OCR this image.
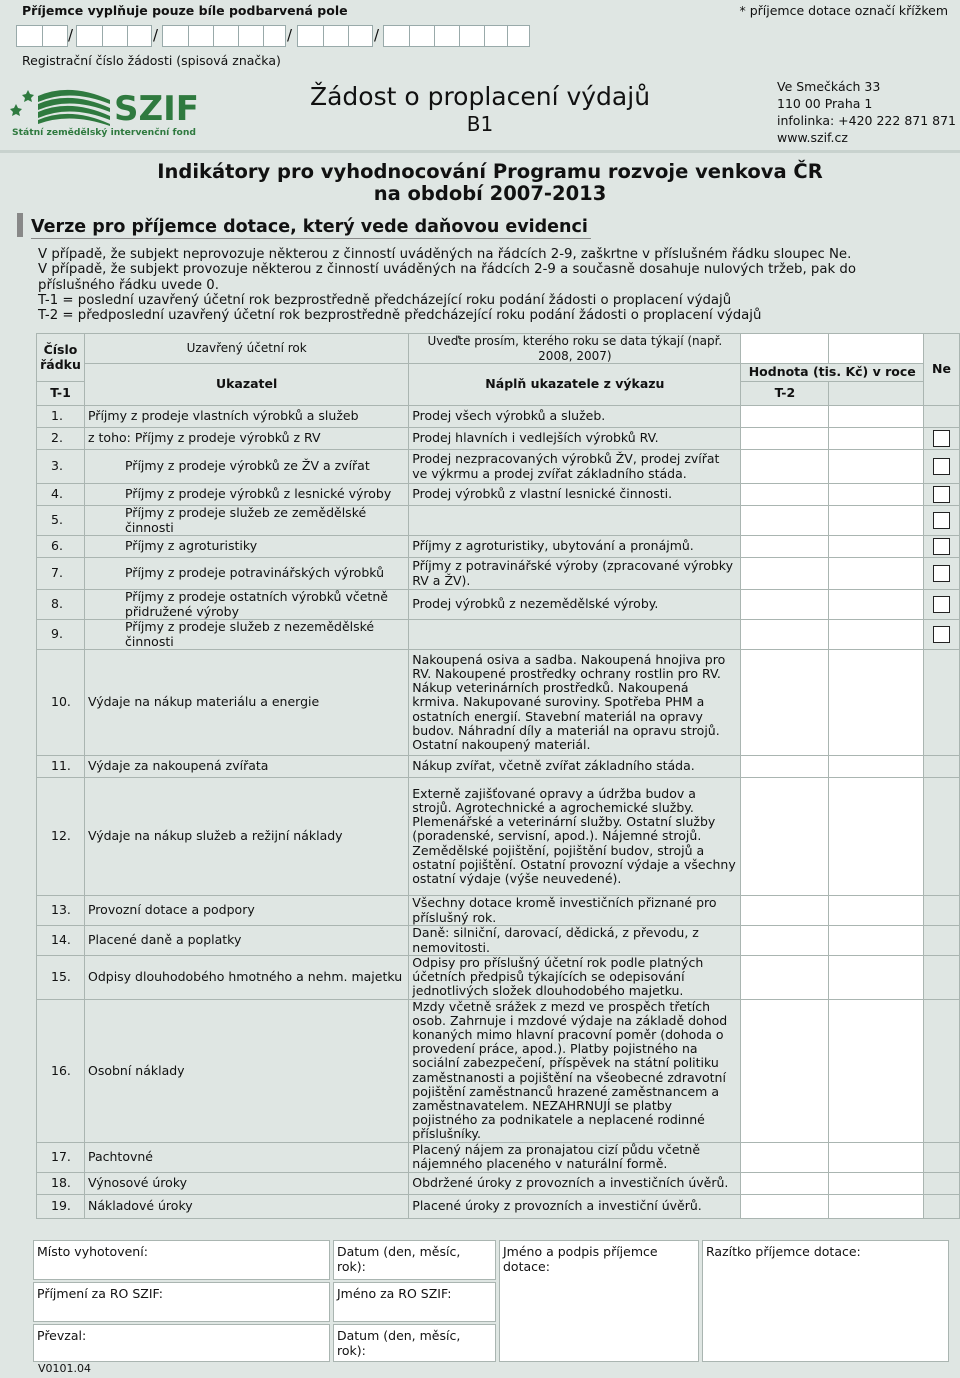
Příjemce vyplňuje pouze bíle podbarvená pole	* příjemce dotace označí křížkem
/	/	/	/
Registrační číslo žádosti (spisová značka)
SZIF
Státní zemědělský intervenční fond
Žádost o proplacení výdajů
B1
Ve Smečkách 33
110 00 Praha 1
infolinka: +420 222 871 871
www.szif.cz
Indikátory pro vyhodnocování Programu rozvoje venkova ČR
na období 2007-2013
Verze pro příjemce dotace, který vede daňovou evidenci

V případě, že subjekt neprovozuje některou z činností uváděných na řádcích 2-9, zaškrtne v příslušném řádku sloupec Ne.

V případě, že subjekt provozuje některou z činností uváděných na řádcích 2-9 a současně dosahuje nulových tržeb, pak do příslušného řádku uvede 0.

T-1 = poslední uzavřený účetní rok bezprostředně předcházející roku podání žádosti o proplacení výdajů

T-2 = předposlední uzavřený účetní rok bezprostředně předcházející roku podání žádosti o proplacení výdajů

Číslo řádku	Uzavřený účetní rok	Uveďte prosím, kterého roku se data týkají (např. 2008, 2007)			Ne
	Ukazatel	Náplň ukazatele z výkazu	Hodnota (tis. Kč) v roce		
T-1			T-2		
1.	Příjmy z prodeje vlastních výrobků a služeb	Prodej všech výrobků a služeb.			
2.	z toho: Příjmy z prodeje výrobků z RV	Prodej hlavních i vedlejších výrobků RV.			
3.	Příjmy z prodeje výrobků ze ŽV a zvířat	Prodej nezpracovaných výrobků ŽV, prodej zvířat ve výkrmu a prodej zvířat základního stáda.			
4.	Příjmy z prodeje výrobků z lesnické výroby	Prodej výrobků z vlastní lesnické činnosti.			
5.	Příjmy z prodeje služeb ze zemědělské činnosti				
6.	Příjmy z agroturistiky	Příjmy z agroturistiky, ubytování a pronájmů.			
7.	Příjmy z prodeje potravinářských výrobků	Příjmy z potravinářské výroby (zpracované výrobky RV a ŽV).			
8.	Příjmy z prodeje ostatních výrobků včetně přidružené výroby	Prodej výrobků z nezemědělské výroby.			
9.	Příjmy z prodeje služeb z nezemědělské činnosti				
10.	Výdaje na nákup materiálu a energie	Nakoupená osiva a sadba. Nakoupená hnojiva pro RV. Nakoupené prostředky ochrany rostlin pro RV. Nákup veterinárních prostředků. Nakoupená krmiva. Nakupované suroviny. Spotřeba PHM a ostatních energií. Stavební materiál na opravy budov. Náhradní díly a materiál na opravu strojů. Ostatní nakoupený materiál.			
11.	Výdaje za nakoupená zvířata	Nákup zvířat, včetně zvířat základního stáda.			
12.	Výdaje na nákup služeb a režijní náklady	Externě zajišťované opravy a údržba budov a strojů. Agrotechnické a agrochemické služby. Plemenářské a veterinární služby. Ostatní služby (poradenské, servisní, apod.). Nájemné strojů. Zemědělské pojištění, pojištění budov, strojů a ostatní pojištění. Ostatní provozní výdaje a všechny ostatní výdaje (výše neuvedené).			
13.	Provozní dotace a podpory	Všechny dotace kromě investičních přiznané pro příslušný rok.			
14.	Placené daně a poplatky	Daně: silniční, darovací, dědická, z převodu, z nemovitosti.			
15.	Odpisy dlouhodobého hmotného a nehm. majetku	Odpisy pro příslušný účetní rok podle platných účetních předpisů týkajících se odepisování jednotlivých složek dlouhodobého majetku.			
16.	Osobní náklady	Mzdy včetně srážek z mezd ve prospěch třetích osob. Zahrnuje i mzdové výdaje na základě dohod konaných mimo hlavní pracovní poměr (dohoda o provedení práce, apod.). Platby pojistného na sociální zabezpečení, příspěvek na státní politiku zaměstnanosti a pojištění na všeobecné zdravotní pojištění zaměstnanců hrazené zaměstnancem a zaměstnavatelem. NEZAHRNUJÍ se platby pojistného za podnikatele a neplacené rodinné příslušníky.			
17.	Pachtovné	Placený nájem za pronajatou cizí půdu včetně nájemného placeného v naturální formě.			
18.	Výnosové úroky	Obdržené úroky z provozních a investičních úvěrů.			
19.	Nákladové úroky	Placené úroky z provozních a investiční úvěrů.			
Místo vyhotovení:	Datum (den, měsíc, rok):
Jméno a podpis příjemce dotace:
Razítko příjemce dotace:
Příjmení za RO SZIF:	Jméno za RO SZIF:
Převzal:	Datum (den, měsíc, rok):
V0101.04
